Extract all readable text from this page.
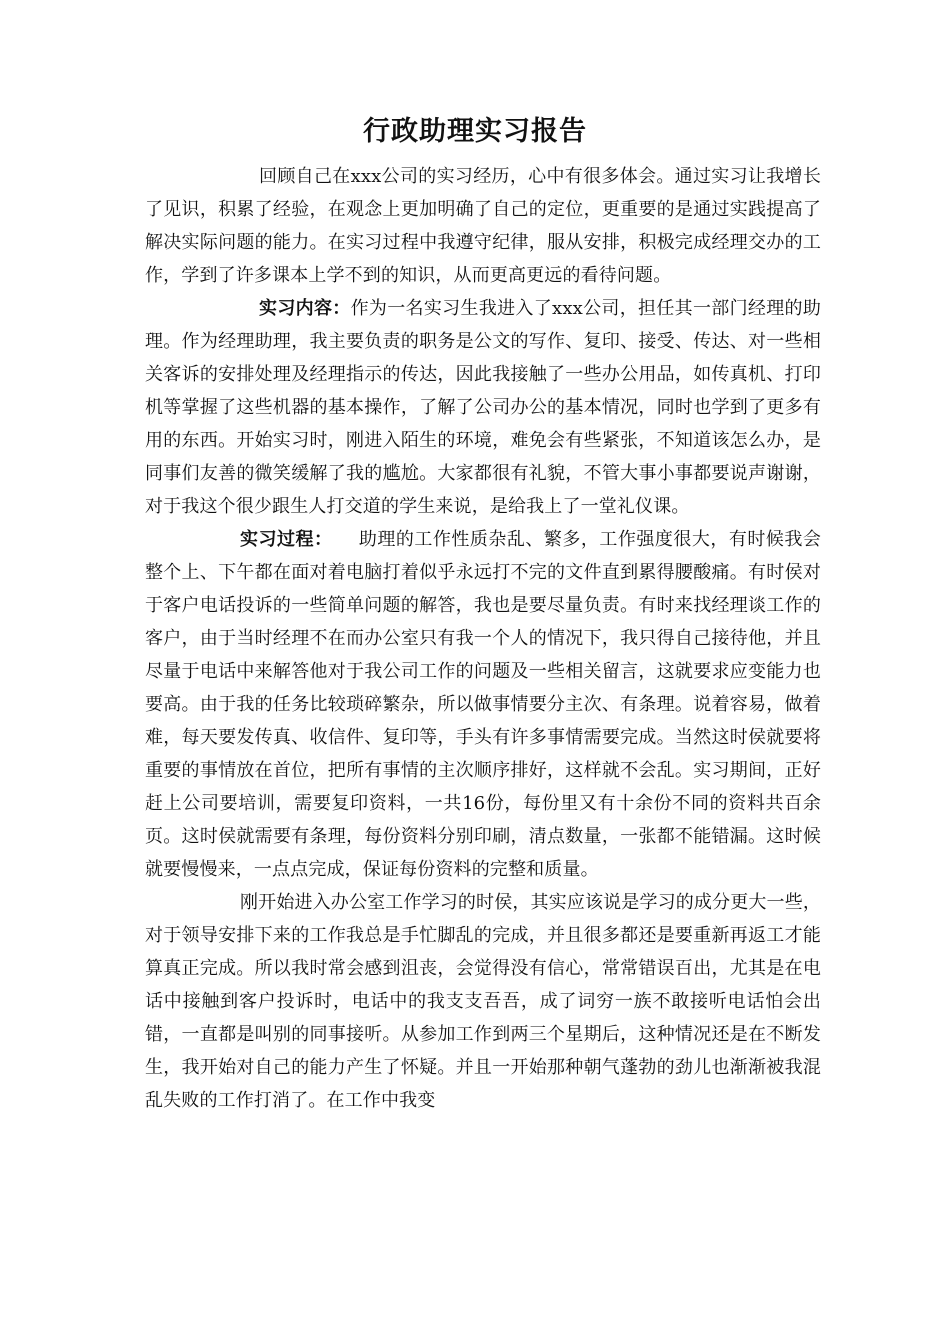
行政助理实习报告

回顾自己在xxx公司的实习经历，心中有很多体会。通过实习让我增长了见识，积累了经验，在观念上更加明确了自己的定位，更重要的是通过实践提高了解决实际问题的能力。在实习过程中我遵守纪律，服从安排，积极完成经理交办的工作，学到了许多课本上学不到的知识，从而更高更远的看待问题。

实习内容：作为一名实习生我进入了xxx公司，担任其一部门经理的助理。作为经理助理，我主要负责的职务是公文的写作、复印、接受、传达、对一些相关客诉的安排处理及经理指示的传达，因此我接触了一些办公用品，如传真机、打印机等掌握了这些机器的基本操作，了解了公司办公的基本情况，同时也学到了更多有用的东西。开始实习时，刚进入陌生的环境，难免会有些紧张，不知道该怎么办，是同事们友善的微笑缓解了我的尴尬。大家都很有礼貌，不管大事小事都要说声谢谢，对于我这个很少跟生人打交道的学生来说，是给我上了一堂礼仪课。

实习过程： 助理的工作性质杂乱、繁多，工作强度很大，有时候我会整个上、下午都在面对着电脑打着似乎永远打不完的文件直到累得腰酸痛。有时侯对于客户电话投诉的一些简单问题的解答，我也是要尽量负责。有时来找经理谈工作的客户，由于当时经理不在而办公室只有我一个人的情况下，我只得自己接待他，并且尽量于电话中来解答他对于我公司工作的问题及一些相关留言，这就要求应变能力也要高。由于我的任务比较琐碎繁杂，所以做事情要分主次、有条理。说着容易，做着难，每天要发传真、收信件、复印等，手头有许多事情需要完成。当然这时侯就要将重要的事情放在首位，把所有事情的主次顺序排好，这样就不会乱。实习期间，正好赶上公司要培训，需要复印资料，一共16份，每份里又有十余份不同的资料共百余页。这时侯就需要有条理，每份资料分别印刷，清点数量，一张都不能错漏。这时候就要慢慢来，一点点完成，保证每份资料的完整和质量。

刚开始进入办公室工作学习的时侯，其实应该说是学习的成分更大一些，对于领导安排下来的工作我总是手忙脚乱的完成，并且很多都还是要重新再返工才能算真正完成。所以我时常会感到沮丧，会觉得没有信心，常常错误百出，尤其是在电话中接触到客户投诉时，电话中的我支支吾吾，成了词穷一族不敢接听电话怕会出错，一直都是叫别的同事接听。从参加工作到两三个星期后，这种情况还是在不断发生，我开始对自己的能力产生了怀疑。并且一开始那种朝气蓬勃的劲儿也渐渐被我混乱失败的工作打消了。在工作中我变
